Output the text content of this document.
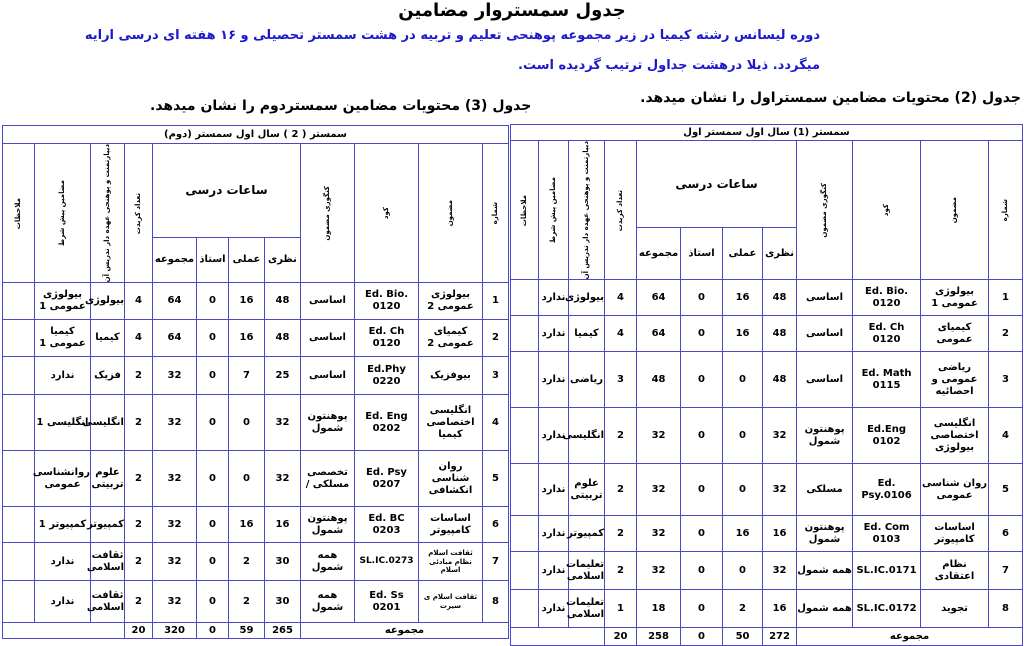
جدول سمستروار مضامین
دوره لیسانس رشته کیمیا در زیر مجموعه پوهنحی تعلیم و تربیه در هشت سمستر تحصیلی و ۱۶ هفته ای درسی ارایه
میگردد. ذیلا درهشت جداول ترتیب گردیده است.
جدول (2) محتویات مضامین سمستراول را نشان میدهد.
جدول (3) محتویات مضامین سمستردوم را نشان میدهد.
سمستر (1) سال اول سمستر اول											

شماره	مضمون	کود	کتگوری مضمون	ساعات درسی				تعداد کریدت	دیپارتمنت و پوهنحی عهده دار تدریس آن	مضامین پیش شرط	ملاحظات

				نظری	عملی	استاذ	مجموعه				
1	بیولوژی عمومی 1	Ed. Bio. 0120	اساسی	48	16	0	64	4	بیولوژی	ندارد	
2	کیمیای عمومی	Ed. Ch 0120	اساسی	48	16	0	64	4	کیمیا	ندارد	
3	ریاضی عمومی و احصائیه	Ed. Math 0115	اساسی	48	0	0	48	3	ریاضی	ندارد	
4	انگلیسی اختصاصی بیولوژی	Ed.Eng 0102	پوهنتون شمول	32	0	0	32	2	انگلیسی	ندارد	
5	روان شناسی عمومی	Ed. Psy.0106	مسلکی	32	0	0	32	2	علوم تربیتی	ندارد	
6	اساسات کامپیوتر	Ed. Com 0103	پوهنتون شمول	16	16	0	32	2	کمپیوتر	ندارد	
7	نظام اعتقادی	SL.IC.0171	همه شمول	32	0	0	32	2	تعلیمات اسلامی	ندارد	
8	تجوید	SL.IC.0172	همه شمول	16	2	0	18	1	تعلیمات اسلامی	ندارد	
مجموعه				272	50	0	258	20			
سمستر ( 2 ) سال اول سمستر (دوم)											

شماره	مضمون	کود	کتگوری مضمون	ساعات درسی				تعداد کریدت	دیپارتمنت و پوهنحی عهده دار تدریس آن	مضامین پیش شرط	ملاحظات

				نظری	عملی	استاذ	مجموعه				
1	بیولوژی عمومی 2	Ed. Bio. 0120	اساسی	48	16	0	64	4	بیولوژی	بیولوژی عمومی 1	
2	کیمیای عمومی 2	Ed. Ch 0120	اساسی	48	16	0	64	4	کیمیا	کیمیا عمومی 1	
3	بیوفزیک	Ed.Phy 0220	اساسی	25	7	0	32	2	فزیک	ندارد	
4	انگلیسی اختصاصی کیمیا	Ed. Eng 0202	پوهنتون شمول	32	0	0	32	2	انگلیسی	انگلیسی 1	
5	روان شناسی انکشافی	Ed. Psy 0207	تخصصی مسلکی /	32	0	0	32	2	علوم تربیتی	روانشناسی عمومی	
6	اساسات کامپیوتر	Ed. BC 0203	پوهنتون شمول	16	16	0	32	2	کمپیوتر	کمپیوتر 1	
7	ثقافت اسلام نظام مبادئی اسلام	SL.IC.0273	همه شمول	30	2	0	32	2	ثقافت اسلامی	ندارد	
8	ثقافت اسلام ی سیرت	Ed. Ss 0201	همه شمول	30	2	0	32	2	ثقافت اسلامی	ندارد	
مجموعه				265	59	0	320	20			
